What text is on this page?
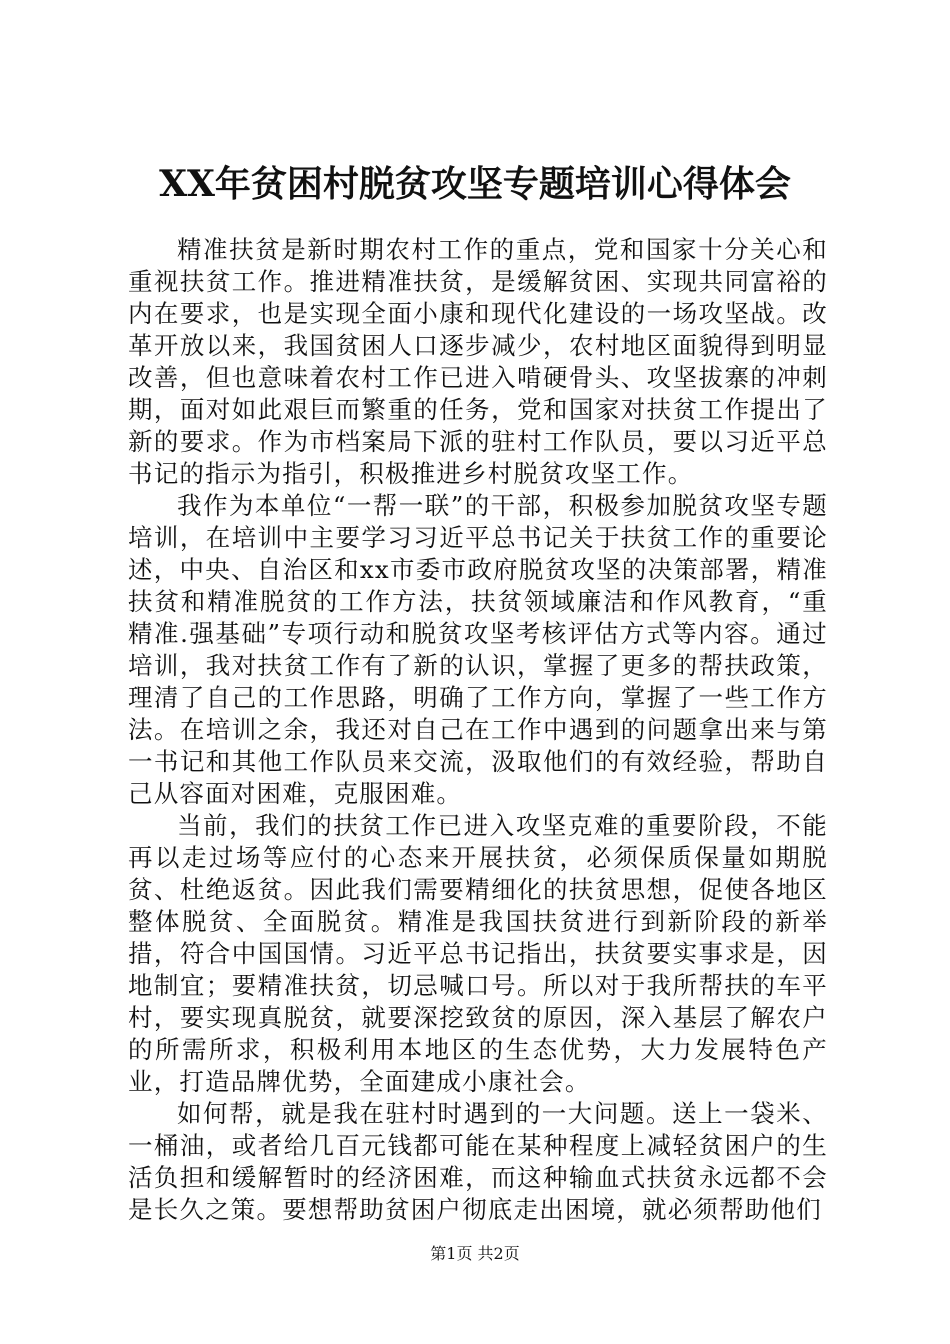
XX年贫困村脱贫攻坚专题培训心得体会

精准扶贫是新时期农村工作的重点，党和国家十分关心和重视扶贫工作。推进精准扶贫，是缓解贫困、实现共同富裕的内在要求，也是实现全面小康和现代化建设的一场攻坚战。改革开放以来，我国贫困人口逐步减少，农村地区面貌得到明显改善，但也意味着农村工作已进入啃硬骨头、攻坚拔寨的冲刺期，面对如此艰巨而繁重的任务，党和国家对扶贫工作提出了新的要求。作为市档案局下派的驻村工作队员，要以习近平总书记的指示为指引，积极推进乡村脱贫攻坚工作。

我作为本单位“一帮一联”的干部，积极参加脱贫攻坚专题培训，在培训中主要学习习近平总书记关于扶贫工作的重要论述，中央、自治区和xx市委市政府脱贫攻坚的决策部署，精准扶贫和精准脱贫的工作方法，扶贫领域廉洁和作风教育，“重精准.强基础”专项行动和脱贫攻坚考核评估方式等内容。通过培训，我对扶贫工作有了新的认识，掌握了更多的帮扶政策，理清了自己的工作思路，明确了工作方向，掌握了一些工作方法。在培训之余，我还对自己在工作中遇到的问题拿出来与第一书记和其他工作队员来交流，汲取他们的有效经验，帮助自己从容面对困难，克服困难。

当前，我们的扶贫工作已进入攻坚克难的重要阶段，不能再以走过场等应付的心态来开展扶贫，必须保质保量如期脱贫、杜绝返贫。因此我们需要精细化的扶贫思想，促使各地区整体脱贫、全面脱贫。精准是我国扶贫进行到新阶段的新举措，符合中国国情。习近平总书记指出，扶贫要实事求是，因地制宜；要精准扶贫，切忌喊口号。所以对于我所帮扶的车平村，要实现真脱贫，就要深挖致贫的原因，深入基层了解农户的所需所求，积极利用本地区的生态优势，大力发展特色产业，打造品牌优势，全面建成小康社会。

如何帮，就是我在驻村时遇到的一大问题。送上一袋米、一桶油，或者给几百元钱都可能在某种程度上减轻贫困户的生活负担和缓解暂时的经济困难，而这种输血式扶贫永远都不会是长久之策。要想帮助贫困户彻底走出困境，就必须帮助他们

第1页 共2页
